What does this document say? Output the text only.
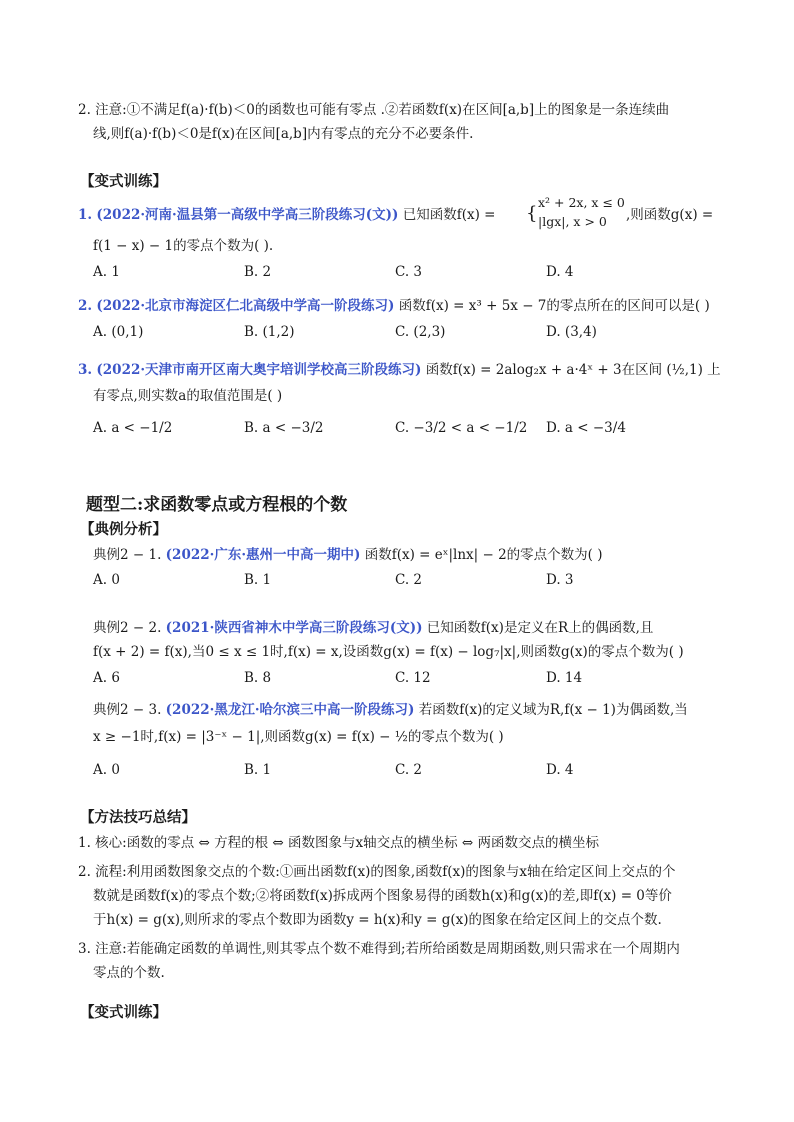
2. 注意:①不满足f(a)·f(b)＜0的函数也可能有零点 .②若函数f(x)在区间[a,b]上的图象是一条连续曲
线,则f(a)·f(b)＜0是f(x)在区间[a,b]内有零点的充分不必要条件.
【变式训练】
1. (2022·河南·温县第一高级中学高三阶段练习(文)) 已知函数f(x) = {
x² + 2x, x ≤ 0
|lgx|, x > 0 ,则函数g(x) =
f(1 − x) − 1的零点个数为( ).
A. 1	B. 2	C. 3	D. 4
2. (2022·北京市海淀区仁北高级中学高一阶段练习) 函数f(x) = x³ + 5x − 7的零点所在的区间可以是( )
A. (0,1)	B. (1,2)	C. (2,3)	D. (3,4)
3. (2022·天津市南开区南大奥宇培训学校高三阶段练习) 函数f(x) = 2alog₂x + a·4ˣ + 3在区间 (½,1) 上
有零点,则实数a的取值范围是( )
A. a < −1/2	B. a < −3/2	C. −3/2 < a < −1/2 D. a < −3/4
题型二:求函数零点或方程根的个数
【典例分析】
典例2 − 1. (2022·广东·惠州一中高一期中) 函数f(x) = eˣ|lnx| − 2的零点个数为( )
A. 0	B. 1	C. 2	D. 3
典例2 − 2. (2021·陕西省神木中学高三阶段练习(文)) 已知函数f(x)是定义在R上的偶函数,且
f(x + 2) = f(x),当0 ≤ x ≤ 1时,f(x) = x,设函数g(x) = f(x) − log₇|x|,则函数g(x)的零点个数为( )
A. 6	B. 8	C. 12	D. 14
典例2 − 3. (2022·黑龙江·哈尔滨三中高一阶段练习) 若函数f(x)的定义域为R,f(x − 1)为偶函数,当
x ≥ −1时,f(x) = |3⁻ˣ − 1|,则函数g(x) = f(x) − ½的零点个数为( )
A. 0	B. 1	C. 2	D. 4
【方法技巧总结】
1. 核心:函数的零点 ⇔ 方程的根 ⇔ 函数图象与x轴交点的横坐标 ⇔ 两函数交点的横坐标
2. 流程:利用函数图象交点的个数:①画出函数f(x)的图象,函数f(x)的图象与x轴在给定区间上交点的个
数就是函数f(x)的零点个数;②将函数f(x)拆成两个图象易得的函数h(x)和g(x)的差,即f(x) = 0等价
于h(x) = g(x),则所求的零点个数即为函数y = h(x)和y = g(x)的图象在给定区间上的交点个数.
3. 注意:若能确定函数的单调性,则其零点个数不难得到;若所给函数是周期函数,则只需求在一个周期内
零点的个数.
【变式训练】
